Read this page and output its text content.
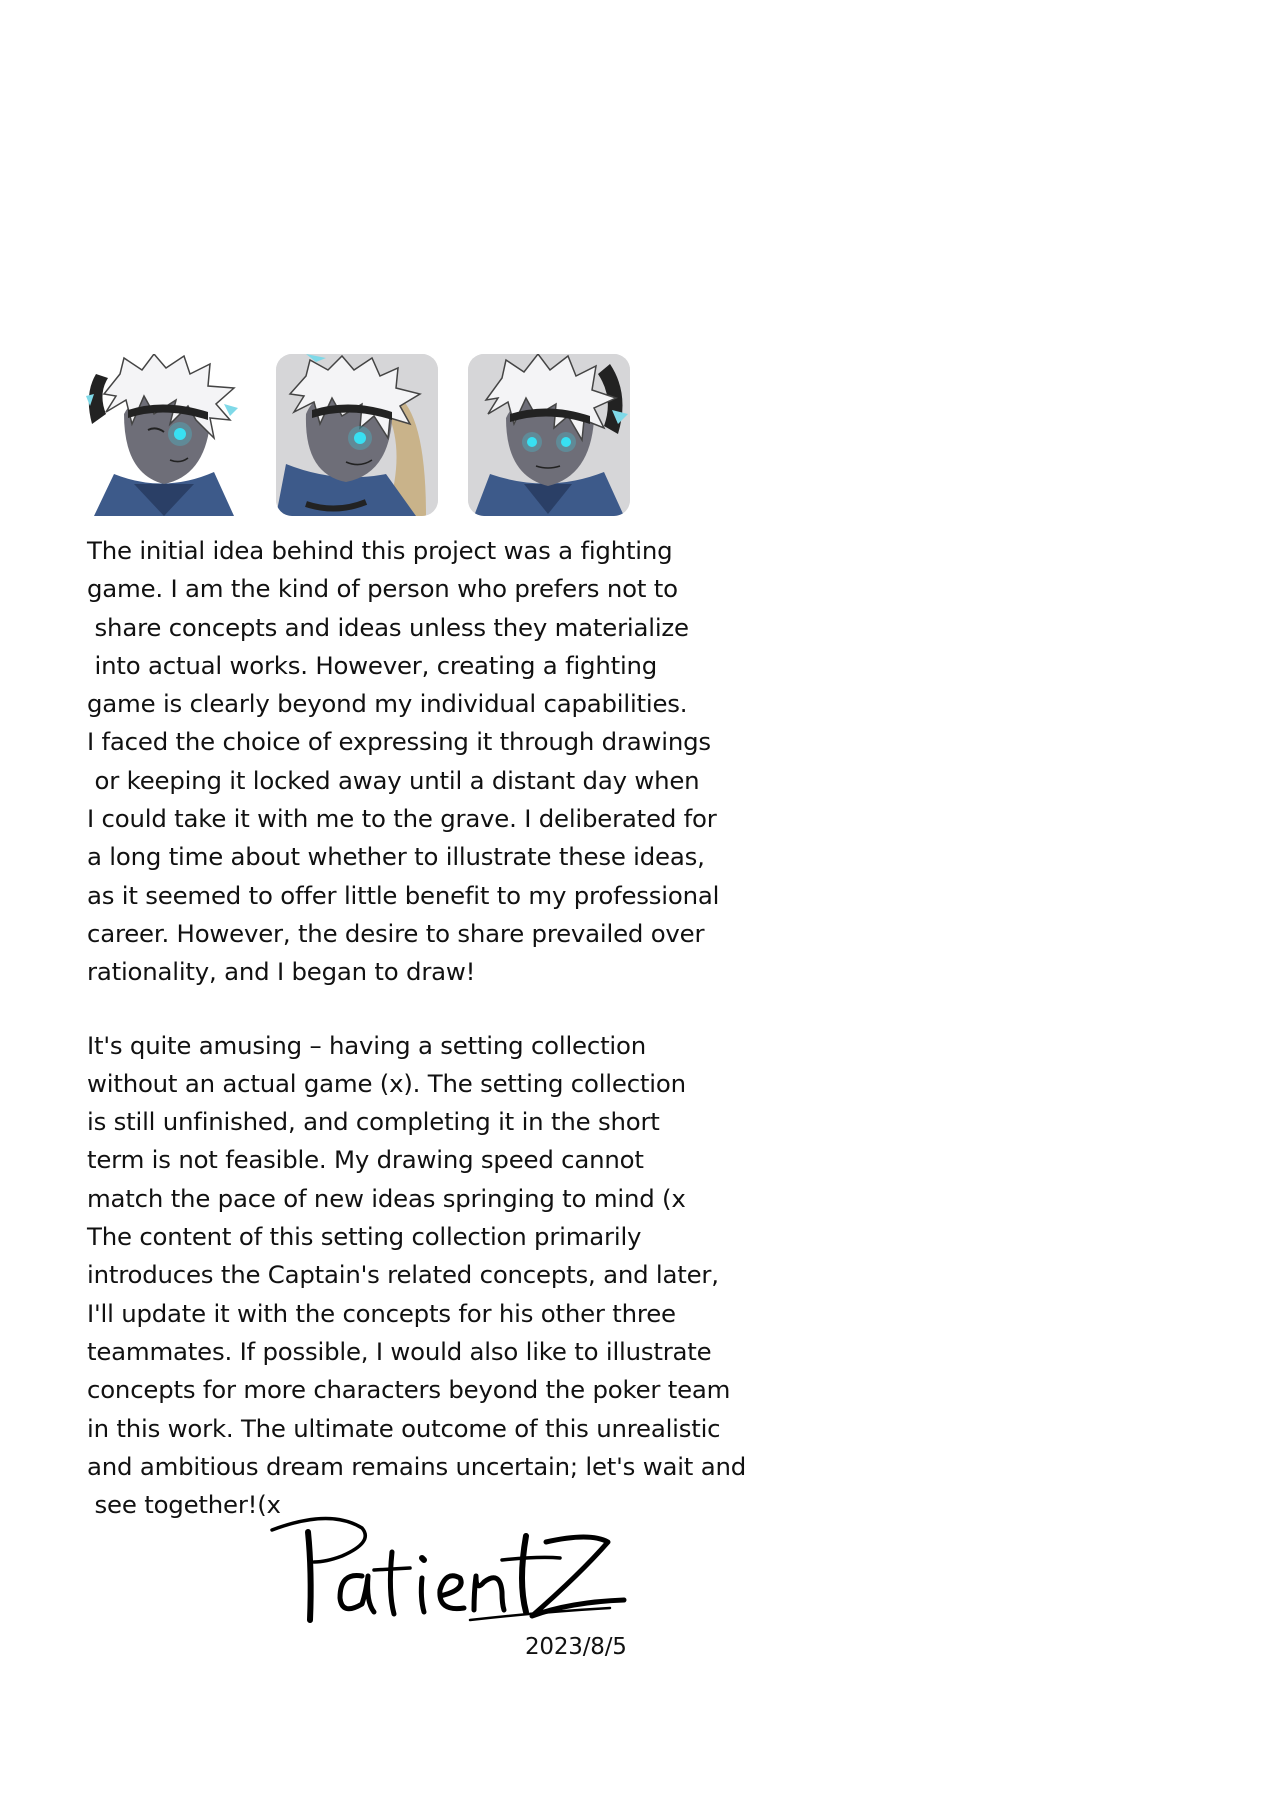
The initial idea behind this project was a fighting
game. I am the kind of person who prefers not to
share concepts and ideas unless they materialize
into actual works. However, creating a fighting
game is clearly beyond my individual capabilities.
I faced the choice of expressing it through drawings
or keeping it locked away until a distant day when
I could take it with me to the grave. I deliberated for
a long time about whether to illustrate these ideas,
as it seemed to offer little benefit to my professional
career. However, the desire to share prevailed over
rationality, and I began to draw!
It's quite amusing – having a setting collection
without an actual game (x). The setting collection
is still unfinished, and completing it in the short
term is not feasible. My drawing speed cannot
match the pace of new ideas springing to mind (x
The content of this setting collection primarily
introduces the Captain's related concepts, and later,
I'll update it with the concepts for his other three
teammates. If possible, I would also like to illustrate
concepts for more characters beyond the poker team
in this work. The ultimate outcome of this unrealistic
and ambitious dream remains uncertain; let's wait and
see together!(x
2023/8/5
